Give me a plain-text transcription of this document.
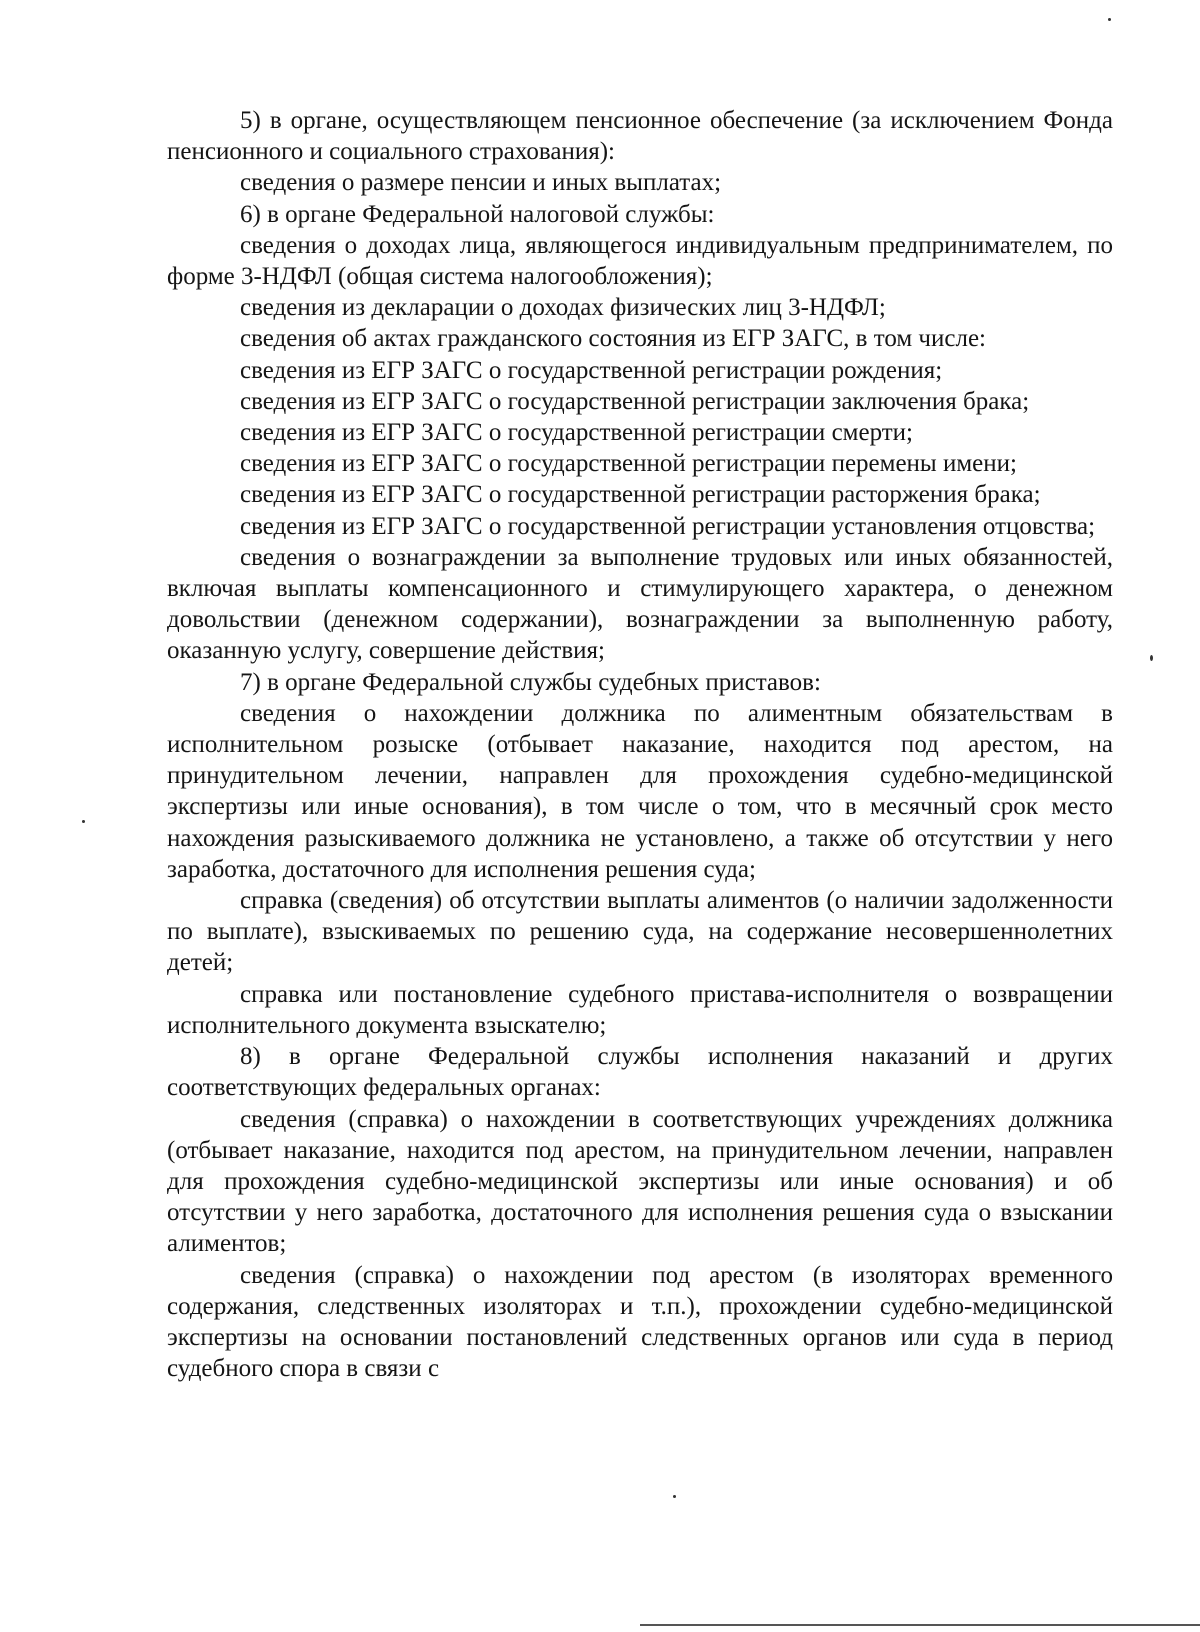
5) в органе, осуществляющем пенсионное обеспечение (за исключением Фонда пенсионного и социального страхования):

сведения о размере пенсии и иных выплатах;

6) в органе Федеральной налоговой службы:

сведения о доходах лица, являющегося индивидуальным предпринимателем, по форме 3-НДФЛ (общая система налогообложения);

сведения из декларации о доходах физических лиц 3-НДФЛ;

сведения об актах гражданского состояния из ЕГР ЗАГС, в том числе:

сведения из ЕГР ЗАГС о государственной регистрации рождения;

сведения из ЕГР ЗАГС о государственной регистрации заключения брака;

сведения из ЕГР ЗАГС о государственной регистрации смерти;

сведения из ЕГР ЗАГС о государственной регистрации перемены имени;

сведения из ЕГР ЗАГС о государственной регистрации расторжения брака;

сведения из ЕГР ЗАГС о государственной регистрации установления отцовства;

сведения о вознаграждении за выполнение трудовых или иных обязанностей, включая выплаты компенсационного и стимулирующего характера, о денежном довольствии (денежном содержании), вознаграждении за выполненную работу, оказанную услугу, совершение действия;

7) в органе Федеральной службы судебных приставов:

сведения о нахождении должника по алиментным обязательствам в исполнительном розыске (отбывает наказание, находится под арестом, на принудительном лечении, направлен для прохождения судебно-медицинской экспертизы или иные основания), в том числе о том, что в месячный срок место нахождения разыскиваемого должника не установлено, а также об отсутствии у него заработка, достаточного для исполнения решения суда;

справка (сведения) об отсутствии выплаты алиментов (о наличии задолженности по выплате), взыскиваемых по решению суда, на содержание несовершеннолетних детей;

справка или постановление судебного пристава-исполнителя о возвращении исполнительного документа взыскателю;

8) в органе Федеральной службы исполнения наказаний и других соответствующих федеральных органах:

сведения (справка) о нахождении в соответствующих учреждениях должника (отбывает наказание, находится под арестом, на принудительном лечении, направлен для прохождения судебно-медицинской экспертизы или иные основания) и об отсутствии у него заработка, достаточного для исполнения решения суда о взыскании алиментов;

сведения (справка) о нахождении под арестом (в изоляторах временного содержания, следственных изоляторах и т.п.), прохождении судебно-медицинской экспертизы на основании постановлений следственных органов или суда в период судебного спора в связи с
